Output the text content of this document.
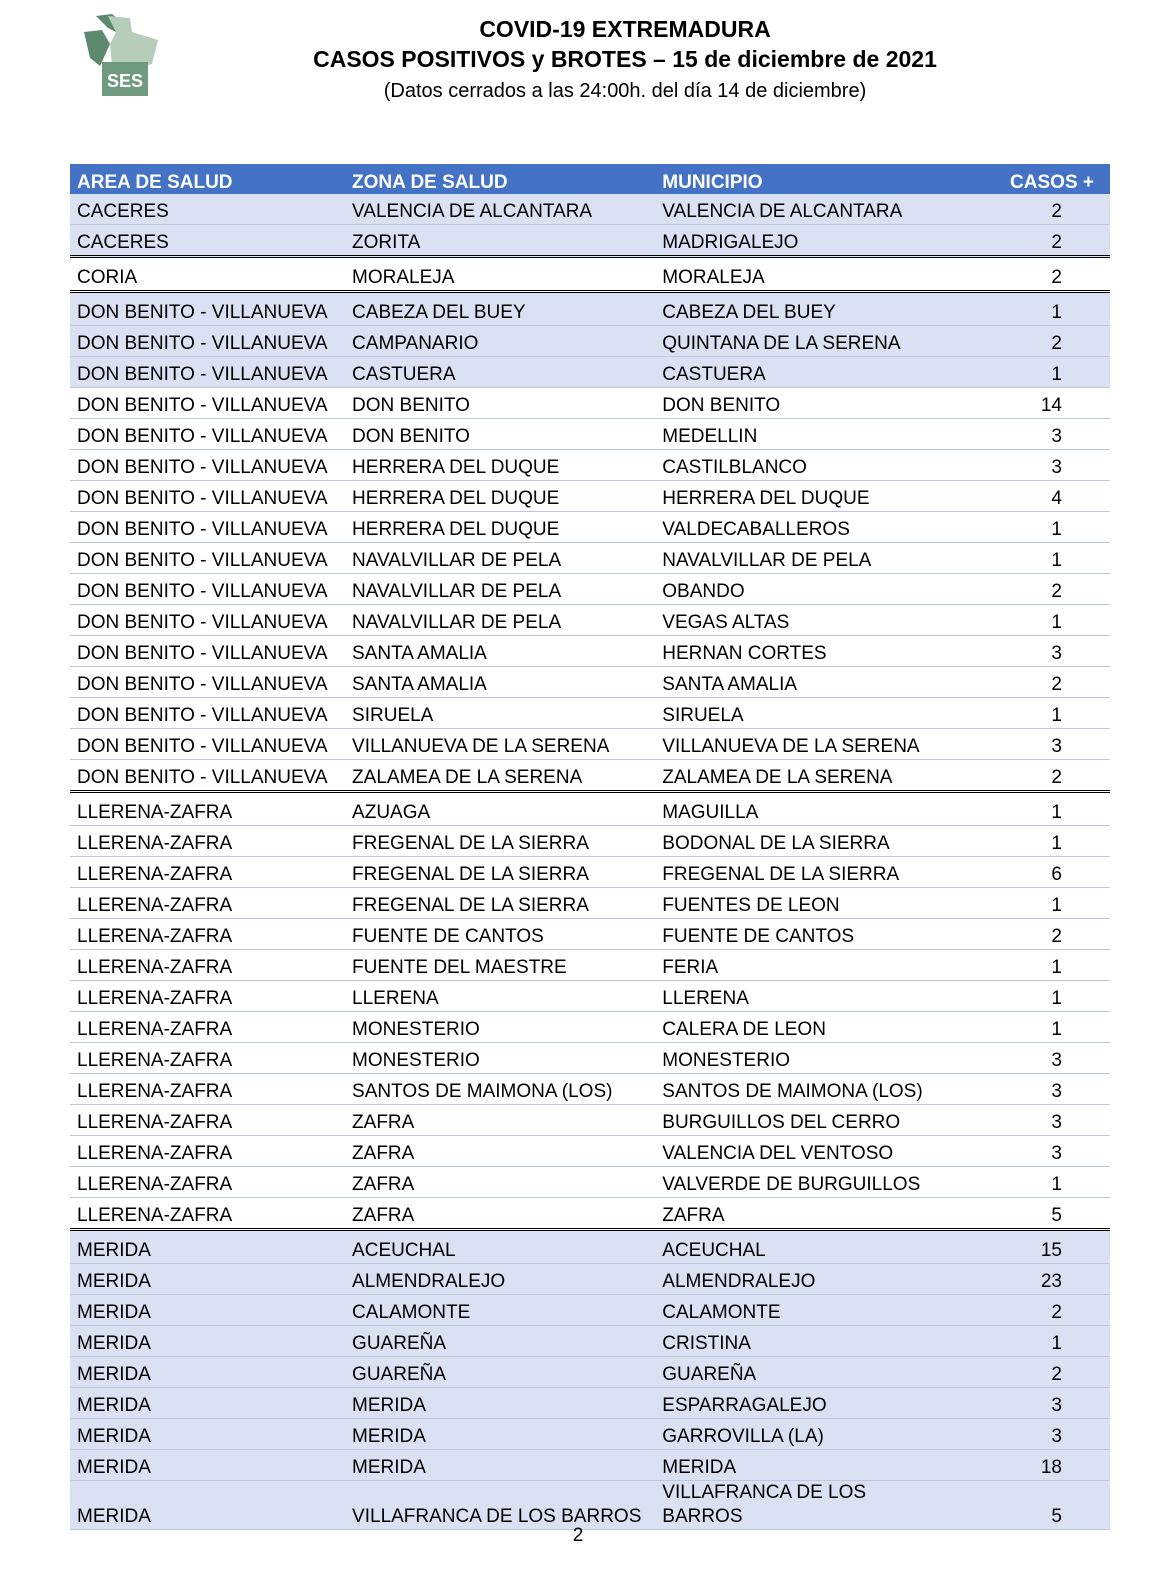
SES
COVID-19 EXTREMADURA
CASOS POSITIVOS y BROTES – 15 de diciembre de 2021
(Datos cerrados a las 24:00h. del día 14 de diciembre)
AREA DE SALUD	ZONA DE SALUD	MUNICIPIO	CASOS +
CACERES	VALENCIA DE ALCANTARA	VALENCIA DE ALCANTARA	2
CACERES	ZORITA	MADRIGALEJO	2
CORIA	MORALEJA	MORALEJA	2
DON BENITO - VILLANUEVA	CABEZA DEL BUEY	CABEZA DEL BUEY	1
DON BENITO - VILLANUEVA	CAMPANARIO	QUINTANA DE LA SERENA	2
DON BENITO - VILLANUEVA	CASTUERA	CASTUERA	1
DON BENITO - VILLANUEVA	DON BENITO	DON BENITO	14
DON BENITO - VILLANUEVA	DON BENITO	MEDELLIN	3
DON BENITO - VILLANUEVA	HERRERA DEL DUQUE	CASTILBLANCO	3
DON BENITO - VILLANUEVA	HERRERA DEL DUQUE	HERRERA DEL DUQUE	4
DON BENITO - VILLANUEVA	HERRERA DEL DUQUE	VALDECABALLEROS	1
DON BENITO - VILLANUEVA	NAVALVILLAR DE PELA	NAVALVILLAR DE PELA	1
DON BENITO - VILLANUEVA	NAVALVILLAR DE PELA	OBANDO	2
DON BENITO - VILLANUEVA	NAVALVILLAR DE PELA	VEGAS ALTAS	1
DON BENITO - VILLANUEVA	SANTA AMALIA	HERNAN CORTES	3
DON BENITO - VILLANUEVA	SANTA AMALIA	SANTA AMALIA	2
DON BENITO - VILLANUEVA	SIRUELA	SIRUELA	1
DON BENITO - VILLANUEVA	VILLANUEVA DE LA SERENA	VILLANUEVA DE LA SERENA	3
DON BENITO - VILLANUEVA	ZALAMEA DE LA SERENA	ZALAMEA DE LA SERENA	2
LLERENA-ZAFRA	AZUAGA	MAGUILLA	1
LLERENA-ZAFRA	FREGENAL DE LA SIERRA	BODONAL DE LA SIERRA	1
LLERENA-ZAFRA	FREGENAL DE LA SIERRA	FREGENAL DE LA SIERRA	6
LLERENA-ZAFRA	FREGENAL DE LA SIERRA	FUENTES DE LEON	1
LLERENA-ZAFRA	FUENTE DE CANTOS	FUENTE DE CANTOS	2
LLERENA-ZAFRA	FUENTE DEL MAESTRE	FERIA	1
LLERENA-ZAFRA	LLERENA	LLERENA	1
LLERENA-ZAFRA	MONESTERIO	CALERA DE LEON	1
LLERENA-ZAFRA	MONESTERIO	MONESTERIO	3
LLERENA-ZAFRA	SANTOS DE MAIMONA (LOS)	SANTOS DE MAIMONA (LOS)	3
LLERENA-ZAFRA	ZAFRA	BURGUILLOS DEL CERRO	3
LLERENA-ZAFRA	ZAFRA	VALENCIA DEL VENTOSO	3
LLERENA-ZAFRA	ZAFRA	VALVERDE DE BURGUILLOS	1
LLERENA-ZAFRA	ZAFRA	ZAFRA	5
MERIDA	ACEUCHAL	ACEUCHAL	15
MERIDA	ALMENDRALEJO	ALMENDRALEJO	23
MERIDA	CALAMONTE	CALAMONTE	2
MERIDA	GUAREÑA	CRISTINA	1
MERIDA	GUAREÑA	GUAREÑA	2
MERIDA	MERIDA	ESPARRAGALEJO	3
MERIDA	MERIDA	GARROVILLA (LA)	3
MERIDA	MERIDA	MERIDA	18
MERIDA	VILLAFRANCA DE LOS BARROS	VILLAFRANCA DE LOS BARROS	5
2
